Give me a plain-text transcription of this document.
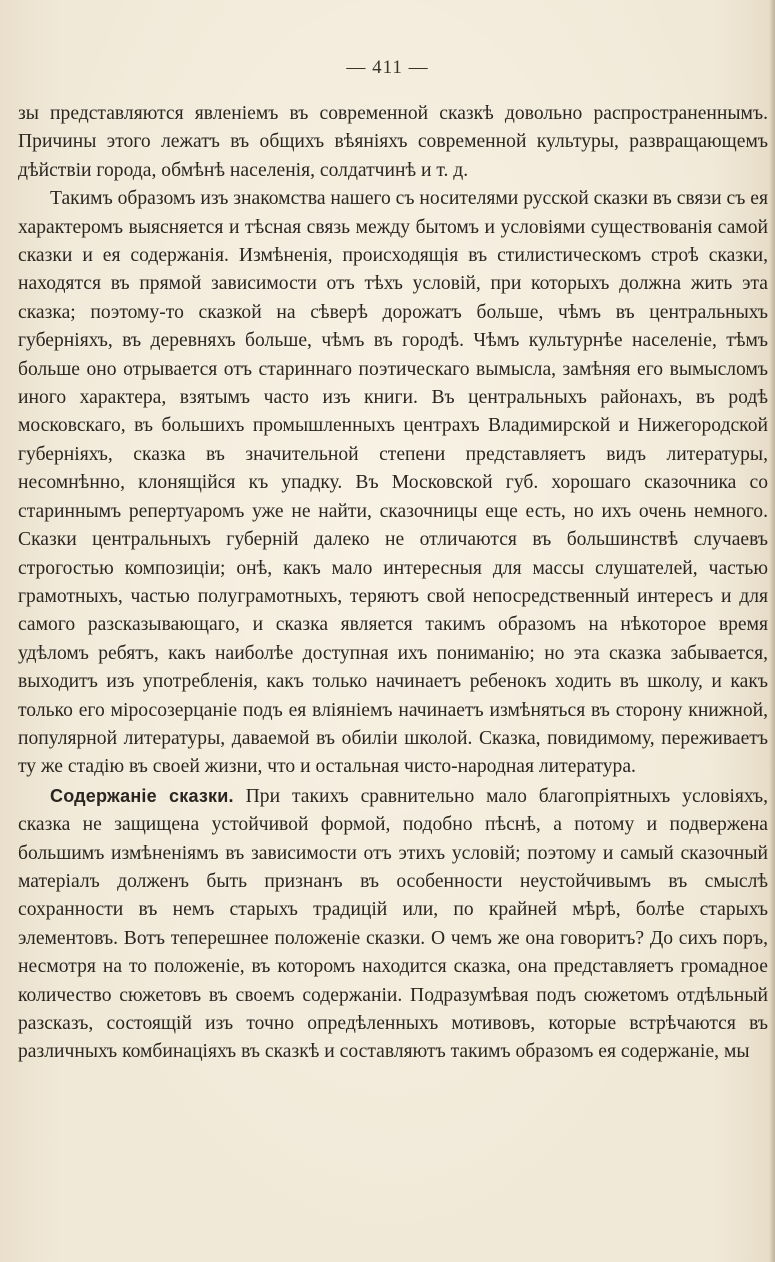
— 411 —

зы представляются явленіемъ въ современной сказкѣ довольно распространеннымъ. Причины этого лежатъ въ общихъ вѣяніяхъ современной культуры, развращающемъ дѣйствіи города, обмѣнѣ населенія, солдатчинѣ и т. д.

Такимъ образомъ изъ знакомства нашего съ носителями русской сказки въ связи съ ея характеромъ выясняется и тѣсная связь между бытомъ и условіями существованія самой сказки и ея содержанія. Измѣненія, происходящія въ стилистическомъ строѣ сказки, находятся въ прямой зависимости отъ тѣхъ условій, при которыхъ должна жить эта сказка; поэтому-то сказкой на сѣверѣ дорожатъ больше, чѣмъ въ центральныхъ губерніяхъ, въ деревняхъ больше, чѣмъ въ городѣ. Чѣмъ культурнѣе населеніе, тѣмъ больше оно отрывается отъ стариннаго поэтическаго вымысла, замѣняя его вымысломъ иного характера, взятымъ часто изъ книги. Въ центральныхъ районахъ, въ родѣ московскаго, въ большихъ промышленныхъ центрахъ Владимирской и Нижегородской губерніяхъ, сказка въ значительной степени представляетъ видъ литературы, несомнѣнно, клонящійся къ упадку. Въ Московской губ. хорошаго сказочника со стариннымъ репертуаромъ уже не найти, сказочницы еще есть, но ихъ очень немного. Сказки центральныхъ губерній далеко не отличаются въ большинствѣ случаевъ строгостью композиціи; онѣ, какъ мало интересныя для массы слушателей, частью грамотныхъ, частью полуграмотныхъ, теряютъ свой непосредственный интересъ и для самого разсказывающаго, и сказка является такимъ образомъ на нѣкоторое время удѣломъ ребятъ, какъ наиболѣе доступная ихъ пониманію; но эта сказка забывается, выходитъ изъ употребленія, какъ только начинаетъ ребенокъ ходить въ школу, и какъ только его міросозерцаніе подъ ея вліяніемъ начинаетъ измѣняться въ сторону книжной, популярной литературы, даваемой въ обиліи школой. Сказка, повидимому, переживаетъ ту же стадію въ своей жизни, что и остальная чисто-народная литература.

Содержаніе сказки. При такихъ сравнительно мало благопріятныхъ условіяхъ, сказка не защищена устойчивой формой, подобно пѣснѣ, а потому и подвержена большимъ измѣненіямъ въ зависимости отъ этихъ условій; поэтому и самый сказочный матеріалъ долженъ быть признанъ въ особенности неустойчивымъ въ смыслѣ сохранности въ немъ старыхъ традицій или, по крайней мѣрѣ, болѣе старыхъ элементовъ. Вотъ теперешнее положеніе сказки. О чемъ же она говоритъ? До сихъ поръ, несмотря на то положеніе, въ которомъ находится сказка, она представляетъ громадное количество сюжетовъ въ своемъ содержаніи. Подразумѣвая подъ сюжетомъ отдѣльный разсказъ, состоящій изъ точно опредѣленныхъ мотивовъ, которые встрѣчаются въ различныхъ комбинаціяхъ въ сказкѣ и составляютъ такимъ образомъ ея содержаніе, мы
